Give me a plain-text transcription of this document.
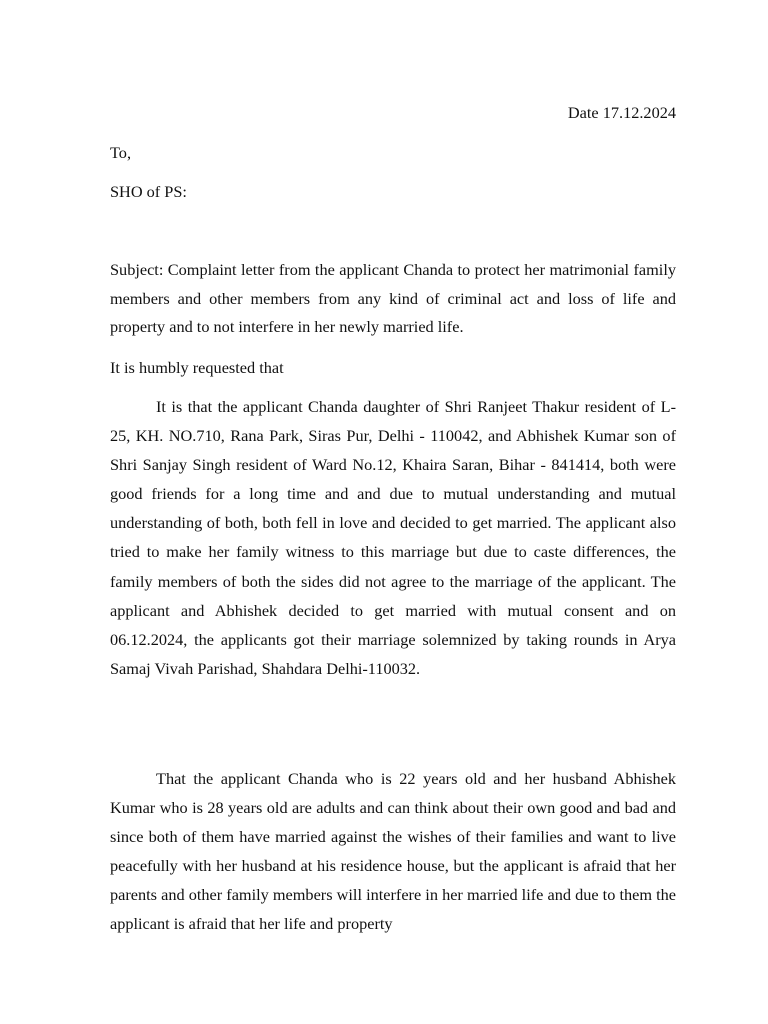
Date 17.12.2024
To,
SHO of PS:

Subject: Complaint letter from the applicant Chanda to protect her matrimonial family members and other members from any kind of criminal act and loss of life and property and to not interfere in her newly married life.

It is humbly requested that

It is that the applicant Chanda daughter of Shri Ranjeet Thakur resident of L-25, KH. NO.710, Rana Park, Siras Pur, Delhi - 110042, and Abhishek Kumar son of Shri Sanjay Singh resident of Ward No.12, Khaira Saran, Bihar - 841414, both were good friends for a long time and and due to mutual understanding and mutual understanding of both, both fell in love and decided to get married. The applicant also tried to make her family witness to this marriage but due to caste differences, the family members of both the sides did not agree to the marriage of the applicant. The applicant and Abhishek decided to get married with mutual consent and on 06.12.2024, the applicants got their marriage solemnized by taking rounds in Arya Samaj Vivah Parishad, Shahdara Delhi-110032.

That the applicant Chanda who is 22 years old and her husband Abhishek Kumar who is 28 years old are adults and can think about their own good and bad and since both of them have married against the wishes of their families and want to live peacefully with her husband at his residence house, but the applicant is afraid that her parents and other family members will interfere in her married life and due to them the applicant is afraid that her life and property
